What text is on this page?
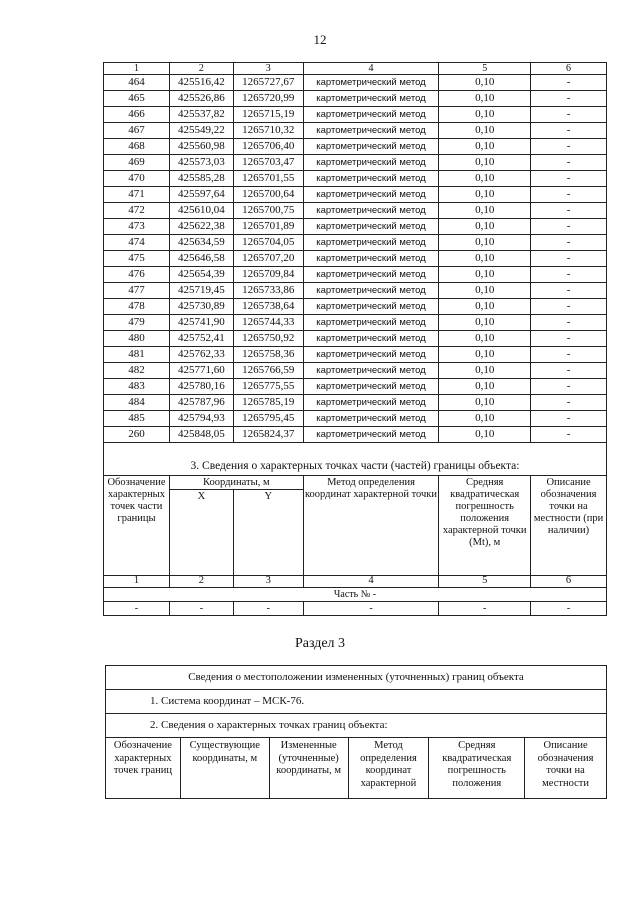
12
1	2	3	4	5	6
464	425516,42	1265727,67	картометрический метод	0,10	-
465	425526,86	1265720,99	картометрический метод	0,10	-
466	425537,82	1265715,19	картометрический метод	0,10	-
467	425549,22	1265710,32	картометрический метод	0,10	-
468	425560,98	1265706,40	картометрический метод	0,10	-
469	425573,03	1265703,47	картометрический метод	0,10	-
470	425585,28	1265701,55	картометрический метод	0,10	-
471	425597,64	1265700,64	картометрический метод	0,10	-
472	425610,04	1265700,75	картометрический метод	0,10	-
473	425622,38	1265701,89	картометрический метод	0,10	-
474	425634,59	1265704,05	картометрический метод	0,10	-
475	425646,58	1265707,20	картометрический метод	0,10	-
476	425654,39	1265709,84	картометрический метод	0,10	-
477	425719,45	1265733,86	картометрический метод	0,10	-
478	425730,89	1265738,64	картометрический метод	0,10	-
479	425741,90	1265744,33	картометрический метод	0,10	-
480	425752,41	1265750,92	картометрический метод	0,10	-
481	425762,33	1265758,36	картометрический метод	0,10	-
482	425771,60	1265766,59	картометрический метод	0,10	-
483	425780,16	1265775,55	картометрический метод	0,10	-
484	425787,96	1265785,19	картометрический метод	0,10	-
485	425794,93	1265795,45	картометрический метод	0,10	-
260	425848,05	1265824,37	картометрический метод	0,10	-
3. Сведения о характерных точках части (частей) границы объекта:					
Обозначение характерных точек части границы	Координаты, м		Метод определения координат характерной точки	Средняя квадратическая погрешность положения характерной точки (Mt), м	Описание обозначения точки на местности (при наличии)
	X	Y			
1	2	3	4	5	6
Часть № -					
-	-	-	-	-	-
Раздел 3
Сведения о местоположении измененных (уточненных) границ объекта
1. Система координат – МСК-76.
2. Сведения о характерных точках границ объекта:
Обозначение характерных точек границ	Существующие координаты, м	Измененные (уточненные) координаты, м	Метод определения координат характерной	Средняя квадратическая погрешность положения	Описание обозначения точки на местности
